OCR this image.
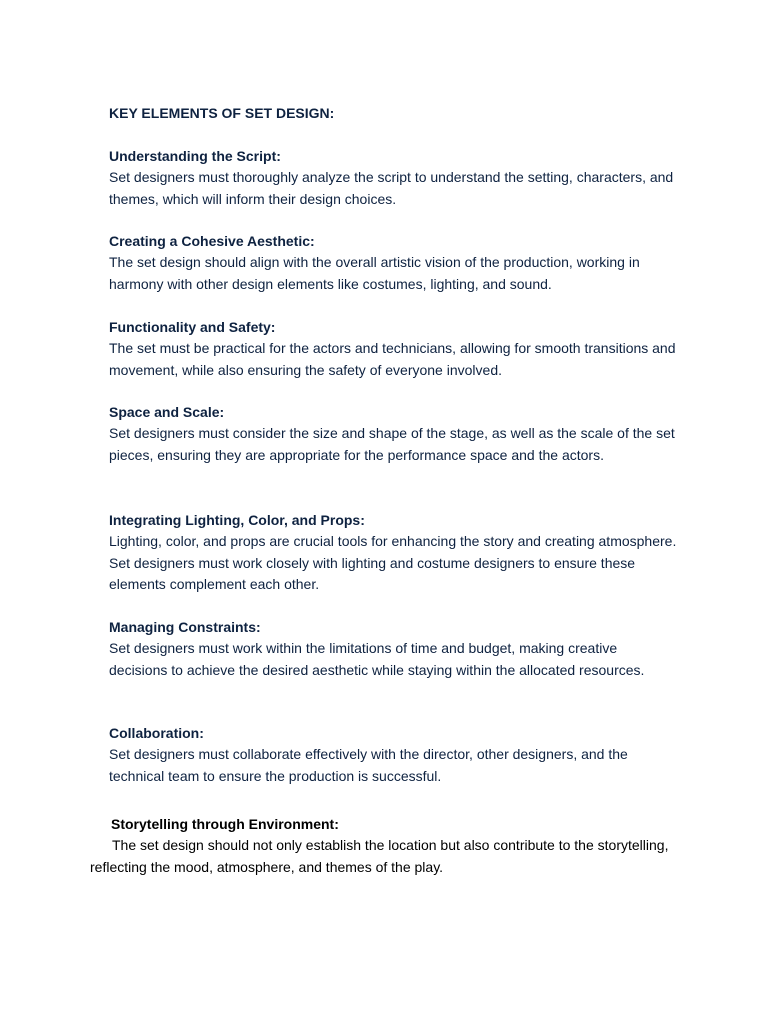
KEY ELEMENTS OF SET DESIGN:
Understanding the Script:

Set designers must thoroughly analyze the script to understand the setting, characters, and themes, which will inform their design choices.

Creating a Cohesive Aesthetic:

The set design should align with the overall artistic vision of the production, working in harmony with other design elements like costumes, lighting, and sound.

Functionality and Safety:

The set must be practical for the actors and technicians, allowing for smooth transitions and movement, while also ensuring the safety of everyone involved.

Space and Scale:

Set designers must consider the size and shape of the stage, as well as the scale of the set pieces, ensuring they are appropriate for the performance space and the actors.

Integrating Lighting, Color, and Props:

Lighting, color, and props are crucial tools for enhancing the story and creating atmosphere. Set designers must work closely with lighting and costume designers to ensure these elements complement each other.

Managing Constraints:

Set designers must work within the limitations of time and budget, making creative decisions to achieve the desired aesthetic while staying within the allocated resources.

Collaboration:

Set designers must collaborate effectively with the director, other designers, and the technical team to ensure the production is successful.

Storytelling through Environment:

The set design should not only establish the location but also contribute to the storytelling, reflecting the mood, atmosphere, and themes of the play.
